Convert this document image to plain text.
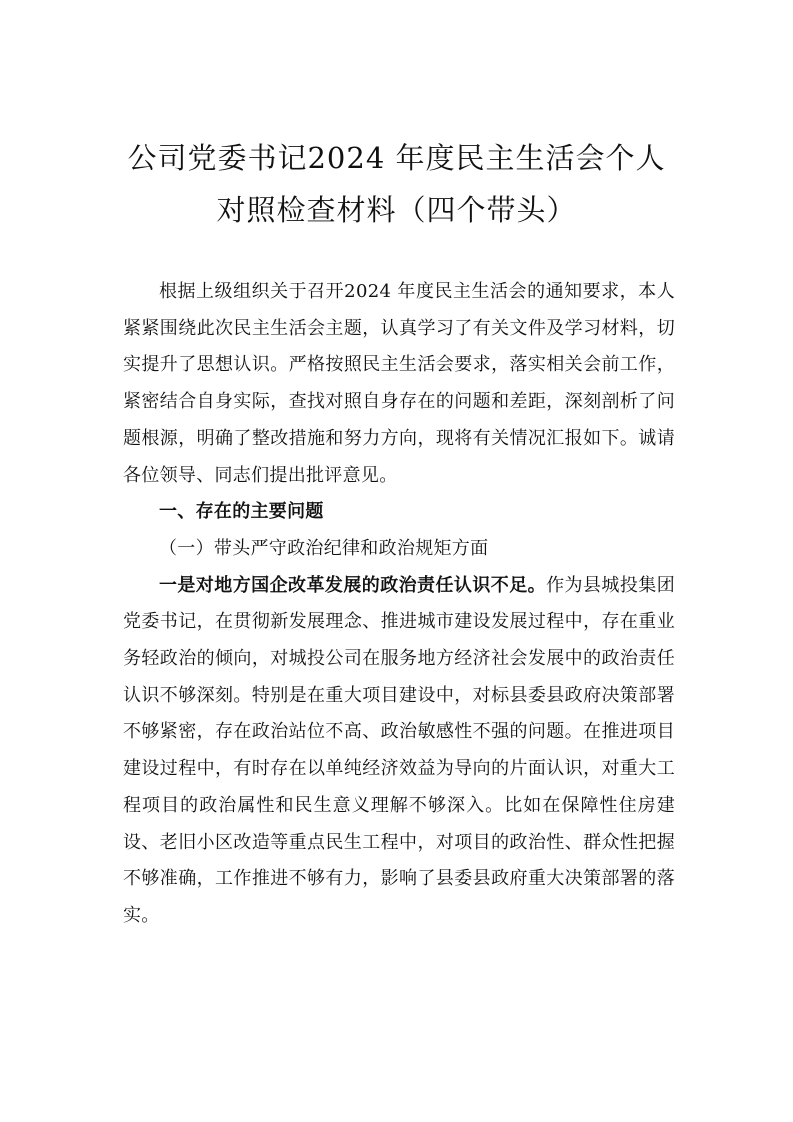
公司党委书记2024 年度民主生活会个人对照检查材料（四个带头）

根据上级组织关于召开2024 年度民主生活会的通知要求，本人紧紧围绕此次民主生活会主题，认真学习了有关文件及学习材料，切实提升了思想认识。严格按照民主生活会要求，落实相关会前工作，紧密结合自身实际，查找对照自身存在的问题和差距，深刻剖析了问题根源，明确了整改措施和努力方向，现将有关情况汇报如下。诚请各位领导、同志们提出批评意见。

一、存在的主要问题

（一）带头严守政治纪律和政治规矩方面

一是对地方国企改革发展的政治责任认识不足。作为县城投集团党委书记，在贯彻新发展理念、推进城市建设发展过程中，存在重业务轻政治的倾向，对城投公司在服务地方经济社会发展中的政治责任认识不够深刻。特别是在重大项目建设中，对标县委县政府决策部署不够紧密，存在政治站位不高、政治敏感性不强的问题。在推进项目建设过程中，有时存在以单纯经济效益为导向的片面认识，对重大工程项目的政治属性和民生意义理解不够深入。比如在保障性住房建设、老旧小区改造等重点民生工程中，对项目的政治性、群众性把握不够准确，工作推进不够有力，影响了县委县政府重大决策部署的落实。
